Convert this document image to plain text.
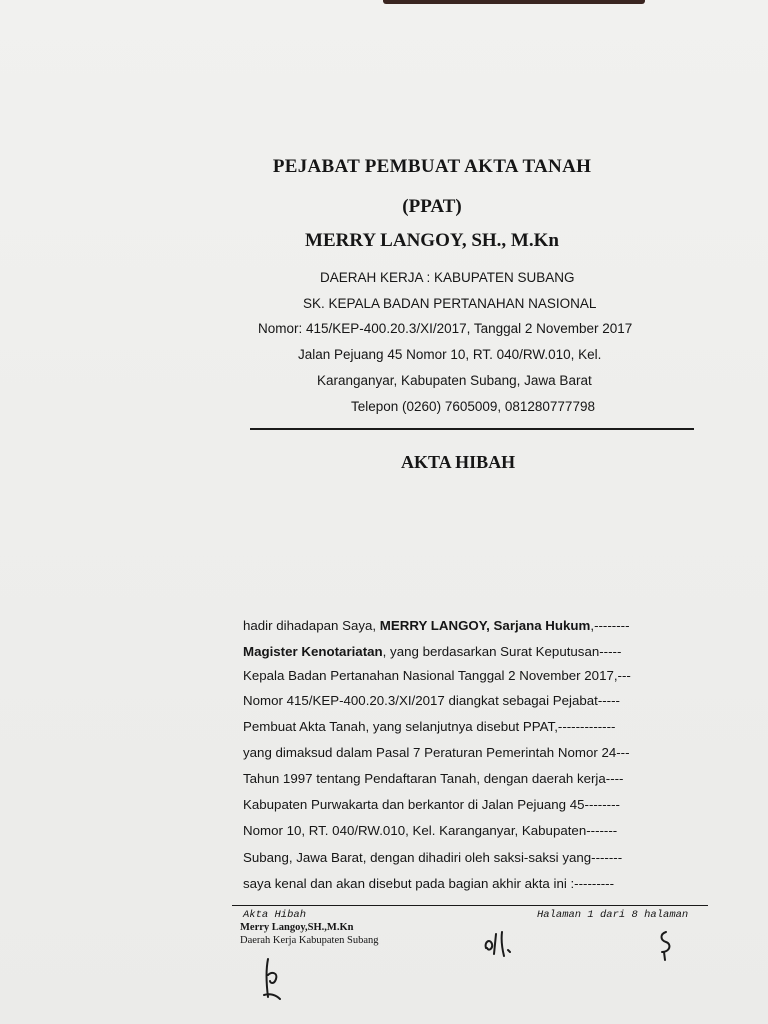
PEJABAT PEMBUAT AKTA TANAH

(PPAT)

MERRY LANGOY, SH., M.Kn

DAERAH KERJA : KABUPATEN SUBANG

SK. KEPALA BADAN PERTANAHAN NASIONAL

Nomor: 415/KEP-400.20.3/XI/2017, Tanggal 2 November 2017

Jalan Pejuang 45 Nomor 10, RT. 040/RW.010, Kel.

Karanganyar, Kabupaten Subang, Jawa Barat

Telepon (0260) 7605009, 081280777798

AKTA HIBAH

hadir dihadapan Saya, MERRY LANGOY, Sarjana Hukum,--------

Magister Kenotariatan, yang berdasarkan Surat Keputusan-----

Kepala Badan Pertanahan Nasional Tanggal 2 November 2017,---

Nomor 415/KEP-400.20.3/XI/2017 diangkat sebagai Pejabat-----

Pembuat Akta Tanah, yang selanjutnya disebut PPAT,-------------

yang dimaksud dalam Pasal 7 Peraturan Pemerintah Nomor 24---

Tahun 1997 tentang Pendaftaran Tanah, dengan daerah kerja----

Kabupaten Purwakarta dan berkantor di Jalan Pejuang 45--------

Nomor 10, RT. 040/RW.010, Kel. Karanganyar, Kabupaten-------

Subang, Jawa Barat, dengan dihadiri oleh saksi-saksi yang-------

saya kenal dan akan disebut pada bagian akhir akta ini :---------

Akta Hibah	Halaman 1 dari 8 halaman

Merry Langoy,SH.,M.Kn

Daerah Kerja Kabupaten Subang
